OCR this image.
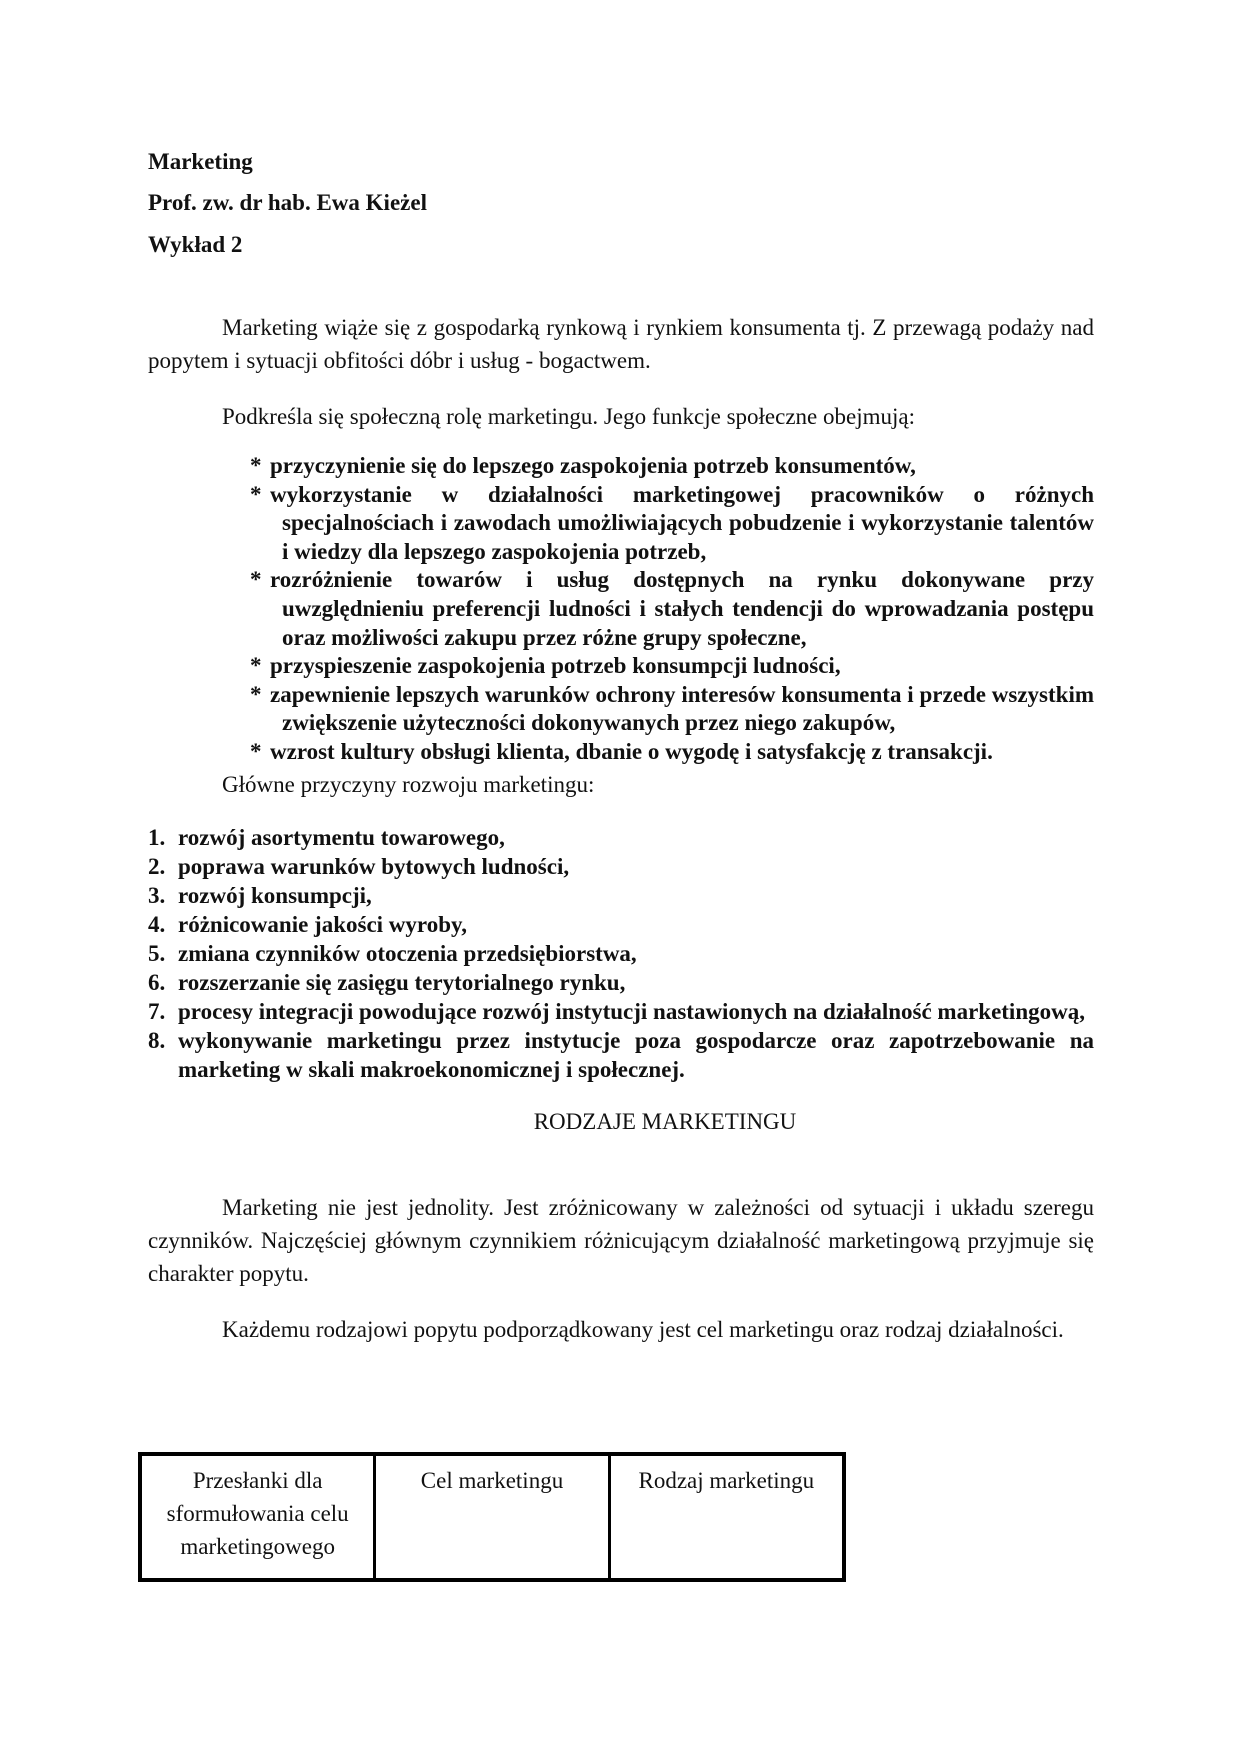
Marketing
Prof. zw. dr hab. Ewa Kieżel
Wykład 2
Marketing wiąże się z gospodarką rynkową i rynkiem konsumenta tj. Z przewagą podaży nad popytem i sytuacji obfitości dóbr i usług - bogactwem.
Podkreśla się społeczną rolę marketingu. Jego funkcje społeczne obejmują:
* przyczynienie się do lepszego zaspokojenia potrzeb konsumentów,
* wykorzystanie w działalności marketingowej pracowników o różnych specjalnościach i zawodach umożliwiających pobudzenie i wykorzystanie talentów i wiedzy dla lepszego zaspokojenia potrzeb,
* rozróżnienie towarów i usług dostępnych na rynku dokonywane przy uwzględnieniu preferencji ludności i stałych tendencji do wprowadzania postępu oraz możliwości zakupu przez różne grupy społeczne,
* przyspieszenie zaspokojenia potrzeb konsumpcji ludności,
* zapewnienie lepszych warunków ochrony interesów konsumenta i przede wszystkim zwiększenie użyteczności dokonywanych przez niego zakupów,
* wzrost kultury obsługi klienta, dbanie o wygodę i satysfakcję z transakcji.
Główne przyczyny rozwoju marketingu:
1. rozwój asortymentu towarowego,
2. poprawa warunków bytowych ludności,
3. rozwój konsumpcji,
4. różnicowanie jakości wyroby,
5. zmiana czynników otoczenia przedsiębiorstwa,
6. rozszerzanie się zasięgu terytorialnego rynku,
7. procesy integracji powodujące rozwój instytucji nastawionych na działalność marketingową,
8. wykonywanie marketingu przez instytucje poza gospodarcze oraz zapotrzebowanie na marketing w skali makroekonomicznej i społecznej.
RODZAJE MARKETINGU
Marketing nie jest jednolity. Jest zróżnicowany w zależności od sytuacji i układu szeregu czynników. Najczęściej głównym czynnikiem różnicującym działalność marketingową przyjmuje się charakter popytu.
Każdemu rodzajowi popytu podporządkowany jest cel marketingu oraz rodzaj działalności.
Przesłanki dla sformułowania celu marketingowego	Cel marketingu	Rodzaj marketingu
